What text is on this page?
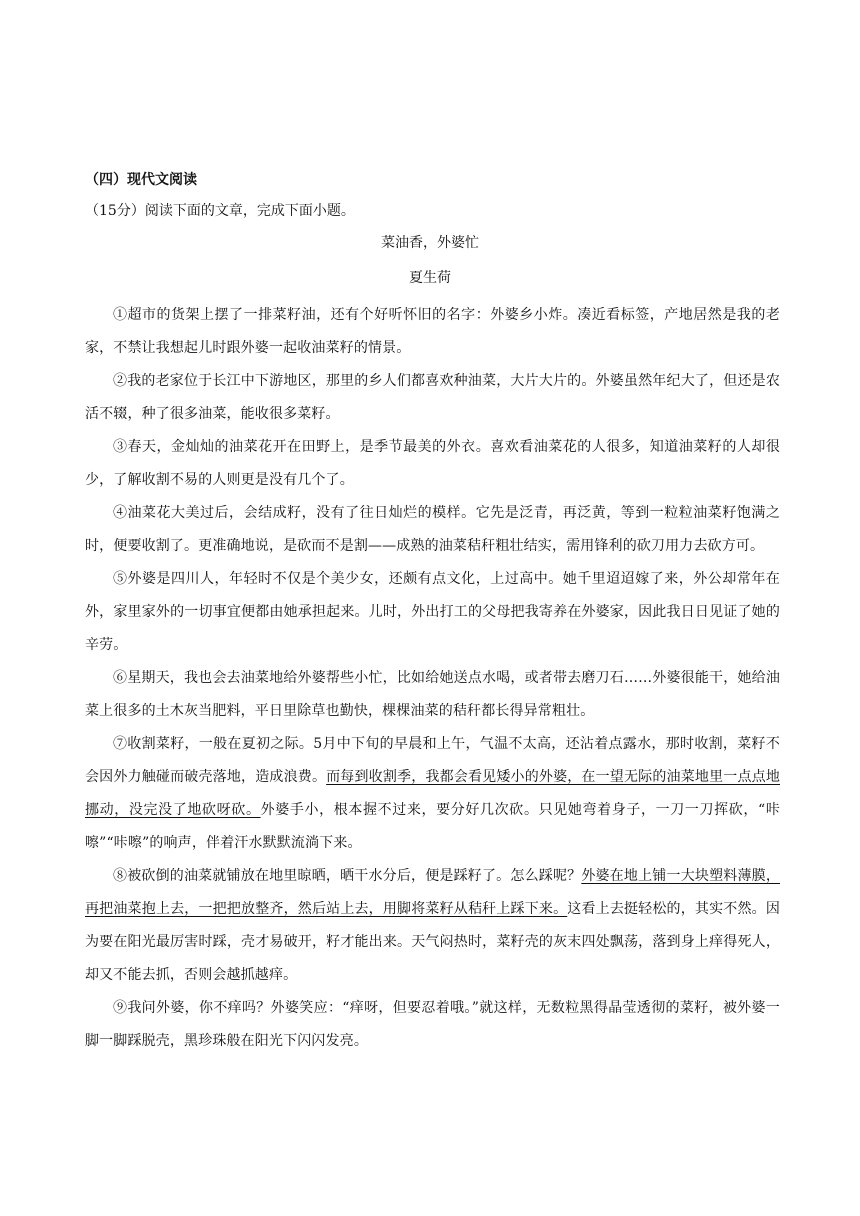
（四）现代文阅读
（15分）阅读下面的文章，完成下面小题。
菜油香，外婆忙
夏生荷

①超市的货架上摆了一排菜籽油，还有个好听怀旧的名字：外婆乡小炸。凑近看标签，产地居然是我的老家，不禁让我想起儿时跟外婆一起收油菜籽的情景。

②我的老家位于长江中下游地区，那里的乡人们都喜欢种油菜，大片大片的。外婆虽然年纪大了，但还是农活不辍，种了很多油菜，能收很多菜籽。

③春天，金灿灿的油菜花开在田野上，是季节最美的外衣。喜欢看油菜花的人很多，知道油菜籽的人却很少，了解收割不易的人则更是没有几个了。

④油菜花大美过后，会结成籽，没有了往日灿烂的模样。它先是泛青，再泛黄，等到一粒粒油菜籽饱满之时，便要收割了。更准确地说，是砍而不是割——成熟的油菜秸秆粗壮结实，需用锋利的砍刀用力去砍方可。

⑤外婆是四川人，年轻时不仅是个美少女，还颇有点文化，上过高中。她千里迢迢嫁了来，外公却常年在外，家里家外的一切事宜便都由她承担起来。儿时，外出打工的父母把我寄养在外婆家，因此我日日见证了她的辛劳。

⑥星期天，我也会去油菜地给外婆帮些小忙，比如给她送点水喝，或者带去磨刀石……外婆很能干，她给油菜上很多的土木灰当肥料，平日里除草也勤快，棵棵油菜的秸秆都长得异常粗壮。

⑦收割菜籽，一般在夏初之际。5月中下旬的早晨和上午，气温不太高，还沾着点露水，那时收割，菜籽不会因外力触碰而破壳落地，造成浪费。而每到收割季，我都会看见矮小的外婆，在一望无际的油菜地里一点点地挪动，没完没了地砍呀砍。外婆手小，根本握不过来，要分好几次砍。只见她弯着身子，一刀一刀挥砍，“咔嚓”“咔嚓”的响声，伴着汗水默默流淌下来。

⑧被砍倒的油菜就铺放在地里晾晒，晒干水分后，便是踩籽了。怎么踩呢？外婆在地上铺一大块塑料薄膜，再把油菜抱上去，一把把放整齐，然后站上去，用脚将菜籽从秸秆上踩下来。这看上去挺轻松的，其实不然。因为要在阳光最厉害时踩，壳才易破开，籽才能出来。天气闷热时，菜籽壳的灰末四处飘荡，落到身上痒得死人，却又不能去抓，否则会越抓越痒。

⑨我问外婆，你不痒吗？外婆笑应：“痒呀，但要忍着哦。”就这样，无数粒黑得晶莹透彻的菜籽，被外婆一脚一脚踩脱壳，黑珍珠般在阳光下闪闪发亮。
